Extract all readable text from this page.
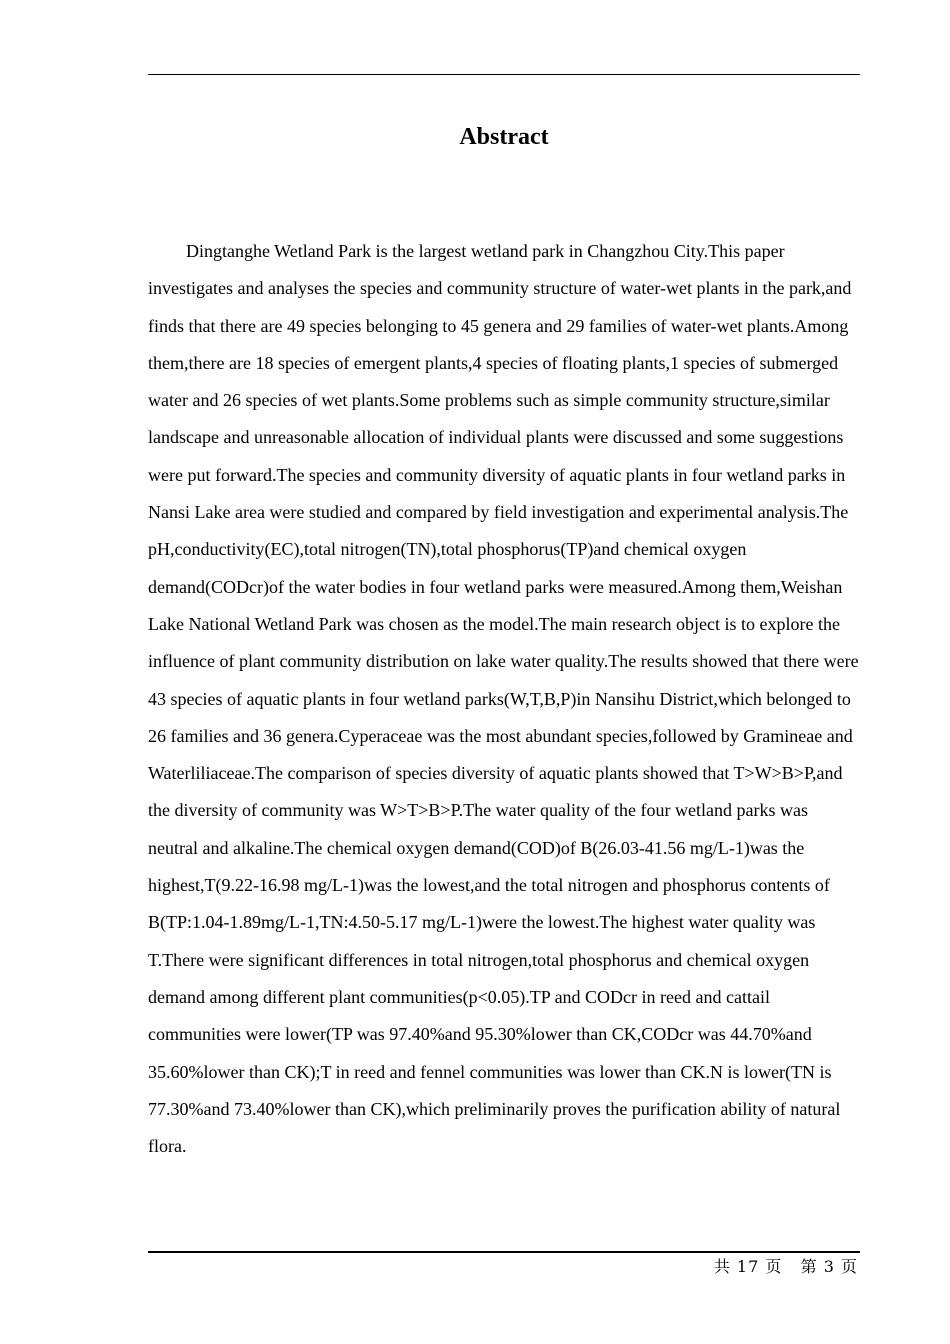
Abstract

Dingtanghe Wetland Park is the largest wetland park in Changzhou City.This paper investigates and analyses the species and community structure of water-wet plants in the park,and finds that there are 49 species belonging to 45 genera and 29 families of water-wet plants.Among them,there are 18 species of emergent plants,4 species of floating plants,1 species of submerged water and 26 species of wet plants.Some problems such as simple community structure,similar landscape and unreasonable allocation of individual plants were discussed and some suggestions were put forward.The species and community diversity of aquatic plants in four wetland parks in Nansi Lake area were studied and compared by field investigation and experimental analysis.The pH,conductivity(EC),total nitrogen(TN),total phosphorus(TP)and chemical oxygen demand(CODcr)of the water bodies in four wetland parks were measured.Among them,Weishan Lake National Wetland Park was chosen as the model.The main research object is to explore the influence of plant community distribution on lake water quality.The results showed that there were 43 species of aquatic plants in four wetland parks(W,T,B,P)in Nansihu District,which belonged to 26 families and 36 genera.Cyperaceae was the most abundant species,followed by Gramineae and Waterliliaceae.The comparison of species diversity of aquatic plants showed that T>W>B>P,and the diversity of community was W>T>B>P.The water quality of the four wetland parks was neutral and alkaline.The chemical oxygen demand(COD)of B(26.03-41.56 mg/L-1)was the highest,T(9.22-16.98 mg/L-1)was the lowest,and the total nitrogen and phosphorus contents of B(TP:1.04-1.89mg/L-1,TN:4.50-5.17 mg/L-1)were the lowest.The highest water quality was T.There were significant differences in total nitrogen,total phosphorus and chemical oxygen demand among different plant communities(p<0.05).TP and CODcr in reed and cattail communities were lower(TP was 97.40%and 95.30%lower than CK,CODcr was 44.70%and 35.60%lower than CK);T in reed and fennel communities was lower than CK.N is lower(TN is 77.30%and 73.40%lower than CK),which preliminarily proves the purification ability of natural flora.

共 17 页   第 3 页
